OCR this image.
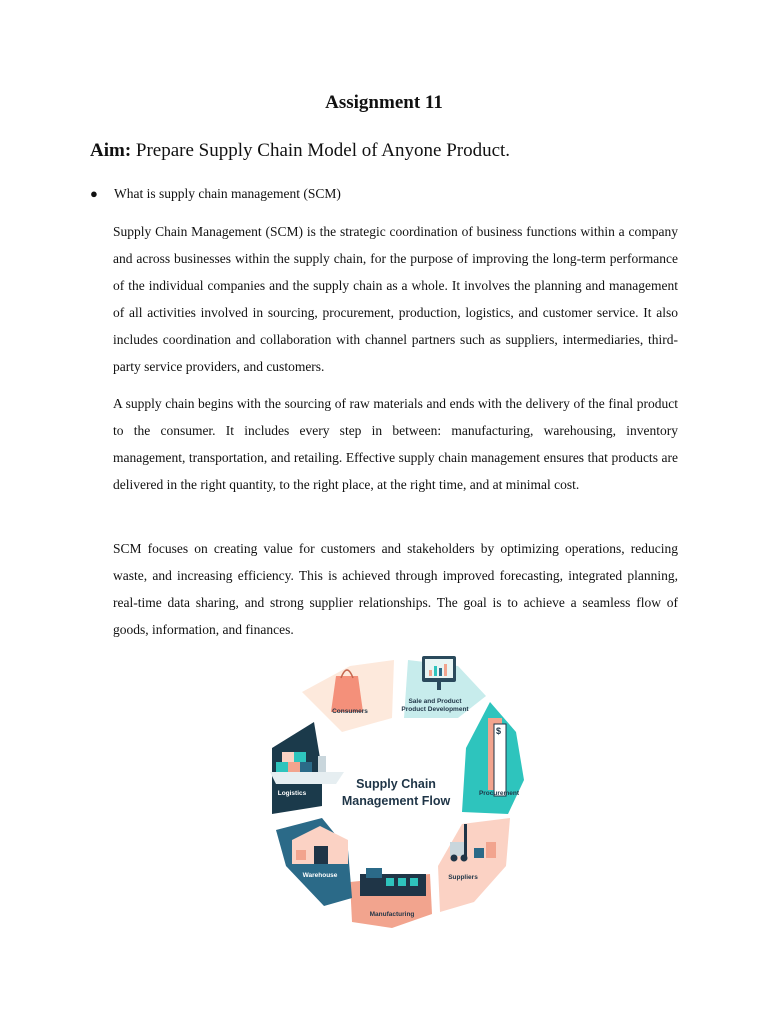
Assignment 11
Aim: Prepare Supply Chain Model of Anyone Product.
●	What is supply chain management (SCM)

Supply Chain Management (SCM) is the strategic coordination of business functions within a company and across businesses within the supply chain, for the purpose of improving the long-term performance of the individual companies and the supply chain as a whole. It involves the planning and management of all activities involved in sourcing, procurement, production, logistics, and customer service. It also includes coordination and collaboration with channel partners such as suppliers, intermediaries, third-party service providers, and customers.

A supply chain begins with the sourcing of raw materials and ends with the delivery of the final product to the consumer. It includes every step in between: manufacturing, warehousing, inventory management, transportation, and retailing. Effective supply chain management ensures that products are delivered in the right quantity, to the right place, at the right time, and at minimal cost.

SCM focuses on creating value for customers and stakeholders by optimizing operations, reducing waste, and increasing efficiency. This is achieved through improved forecasting, integrated planning, real-time data sharing, and strong supplier relationships. The goal is to achieve a seamless flow of goods, information, and finances.

Consumers
Sale and Product
Product Development
$
Procurement
Suppliers
Manufacturing
Warehouse
Logistics
Supply Chain
Management Flow
